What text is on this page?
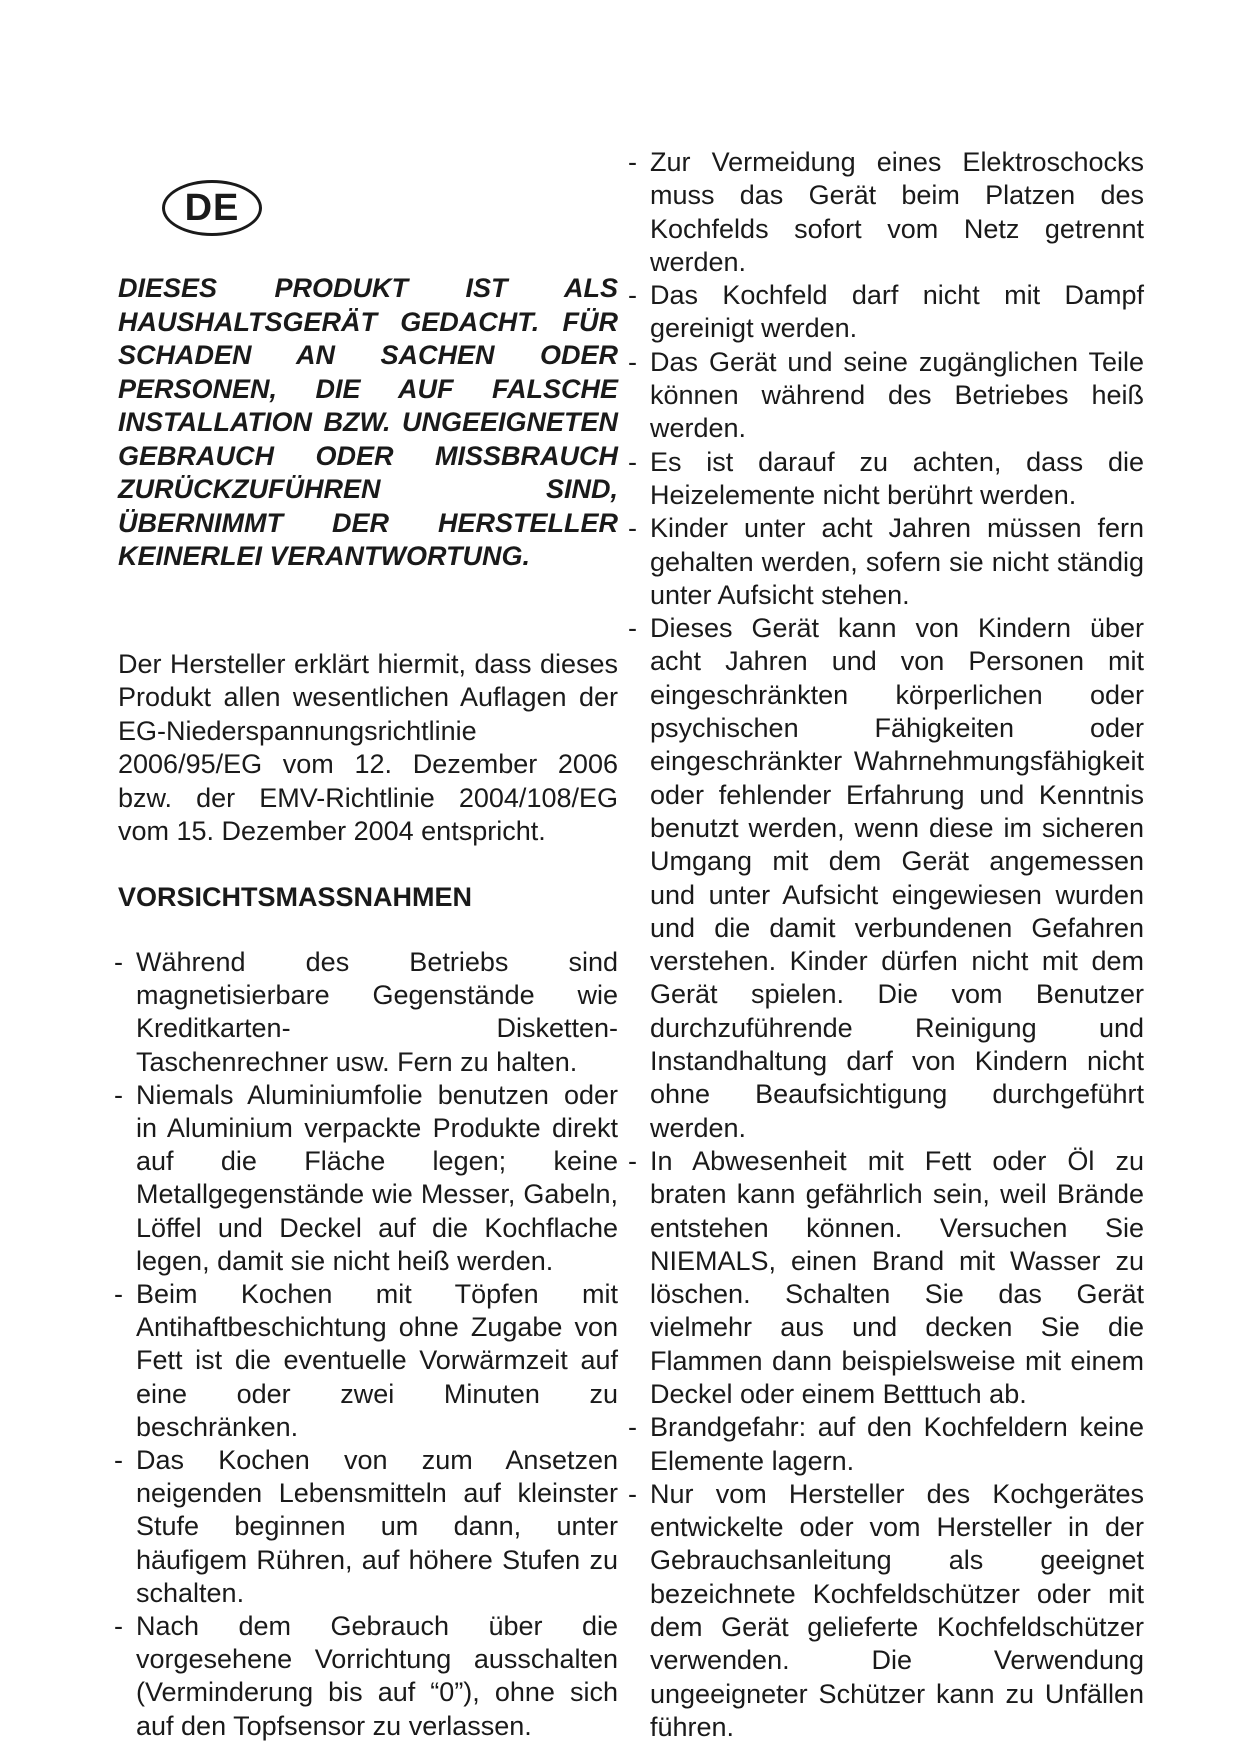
DE

DIESES PRODUKT IST ALS HAUSHALTSGERÄT GEDACHT. FÜR SCHADEN AN SACHEN ODER PERSONEN, DIE AUF FALSCHE INSTALLATION BZW. UNGEEIGNETEN GEBRAUCH ODER MISSBRAUCH ZURÜCKZUFÜHREN SIND, ÜBERNIMMT DER HERSTELLER KEINERLEI VERANTWORTUNG.

Der Hersteller erklärt hiermit, dass dieses Produkt allen wesentlichen Auflagen der EG-Niederspannungsrichtlinie 2006/95/EG vom 12. Dezember 2006 bzw. der EMV-Richtlinie 2004/108/EG vom 15. Dezember 2004 entspricht.

VORSICHTSMASSNAHMEN

- Während des Betriebs sind magnetisierbare Gegenstände wie Kreditkarten- Disketten- Taschenrechner usw. Fern zu halten.
- Niemals Aluminiumfolie benutzen oder in Aluminium verpackte Produkte direkt auf die Fläche legen; keine Metallgegenstände wie Messer, Gabeln, Löffel und Deckel auf die Kochflache legen, damit sie nicht heiß werden.
- Beim Kochen mit Töpfen mit Antihaftbeschichtung ohne Zugabe von Fett ist die eventuelle Vorwärmzeit auf eine oder zwei Minuten zu beschränken.
- Das Kochen von zum Ansetzen neigenden Lebensmitteln auf kleinster Stufe beginnen um dann, unter häufigem Rühren, auf höhere Stufen zu schalten.
- Nach dem Gebrauch über die vorgesehene Vorrichtung ausschalten (Verminderung bis auf “0”), ohne sich auf den Topfsensor zu verlassen.
- Zur Vermeidung eines Elektroschocks muss das Gerät beim Platzen des Kochfelds sofort vom Netz getrennt werden.
- Das Kochfeld darf nicht mit Dampf gereinigt werden.
- Das Gerät und seine zugänglichen Teile können während des Betriebes heiß werden.
- Es ist darauf zu achten, dass die Heizelemente nicht berührt werden.
- Kinder unter acht Jahren müssen fern gehalten werden, sofern sie nicht ständig unter Aufsicht stehen.
- Dieses Gerät kann von Kindern über acht Jahren und von Personen mit eingeschränkten körperlichen oder psychischen Fähigkeiten oder eingeschränkter Wahrnehmungsfähigkeit oder fehlender Erfahrung und Kenntnis benutzt werden, wenn diese im sicheren Umgang mit dem Gerät angemessen und unter Aufsicht eingewiesen wurden und die damit verbundenen Gefahren verstehen. Kinder dürfen nicht mit dem Gerät spielen. Die vom Benutzer durchzuführende Reinigung und Instandhaltung darf von Kindern nicht ohne Beaufsichtigung durchgeführt werden.
- In Abwesenheit mit Fett oder Öl zu braten kann gefährlich sein, weil Brände entstehen können. Versuchen Sie NIEMALS, einen Brand mit Wasser zu löschen. Schalten Sie das Gerät vielmehr aus und decken Sie die Flammen dann beispielsweise mit einem Deckel oder einem Betttuch ab.
- Brandgefahr: auf den Kochfeldern keine Elemente lagern.
- Nur vom Hersteller des Kochgerätes entwickelte oder vom Hersteller in der Gebrauchsanleitung als geeignet bezeichnete Kochfeldschützer oder mit dem Gerät gelieferte Kochfeldschützer verwenden. Die Verwendung ungeeigneter Schützer kann zu Unfällen führen.
